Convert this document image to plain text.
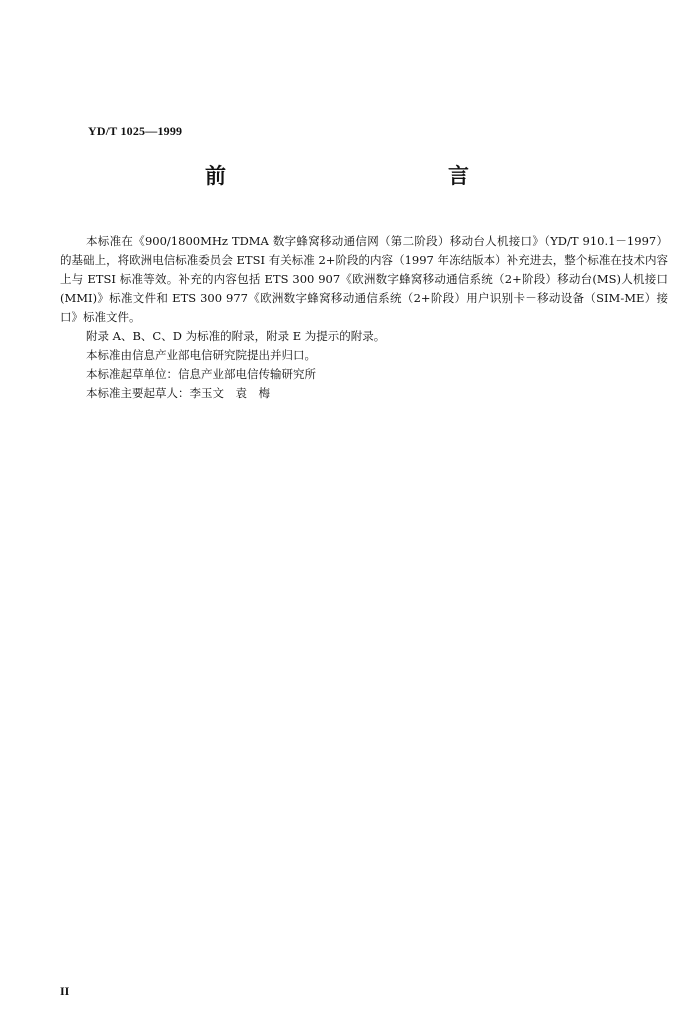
YD/T 1025—1999
前　　言

本标准在《900/1800MHz TDMA 数字蜂窝移动通信网（第二阶段）移动台人机接口》（YD/T 910.1－1997）的基础上，将欧洲电信标准委员会 ETSI 有关标准 2+阶段的内容（1997 年冻结版本）补充进去，整个标准在技术内容上与 ETSI 标准等效。补充的内容包括 ETS 300 907《欧洲数字蜂窝移动通信系统（2+阶段）移动台(MS)人机接口(MMI)》标准文件和 ETS 300 977《欧洲数字蜂窝移动通信系统（2+阶段）用户识别卡－移动设备（SIM-ME）接口》标准文件。

附录 A、B、C、D 为标准的附录，附录 E 为提示的附录。

本标准由信息产业部电信研究院提出并归口。

本标准起草单位：信息产业部电信传输研究所

本标准主要起草人：李玉文　袁　梅

II
